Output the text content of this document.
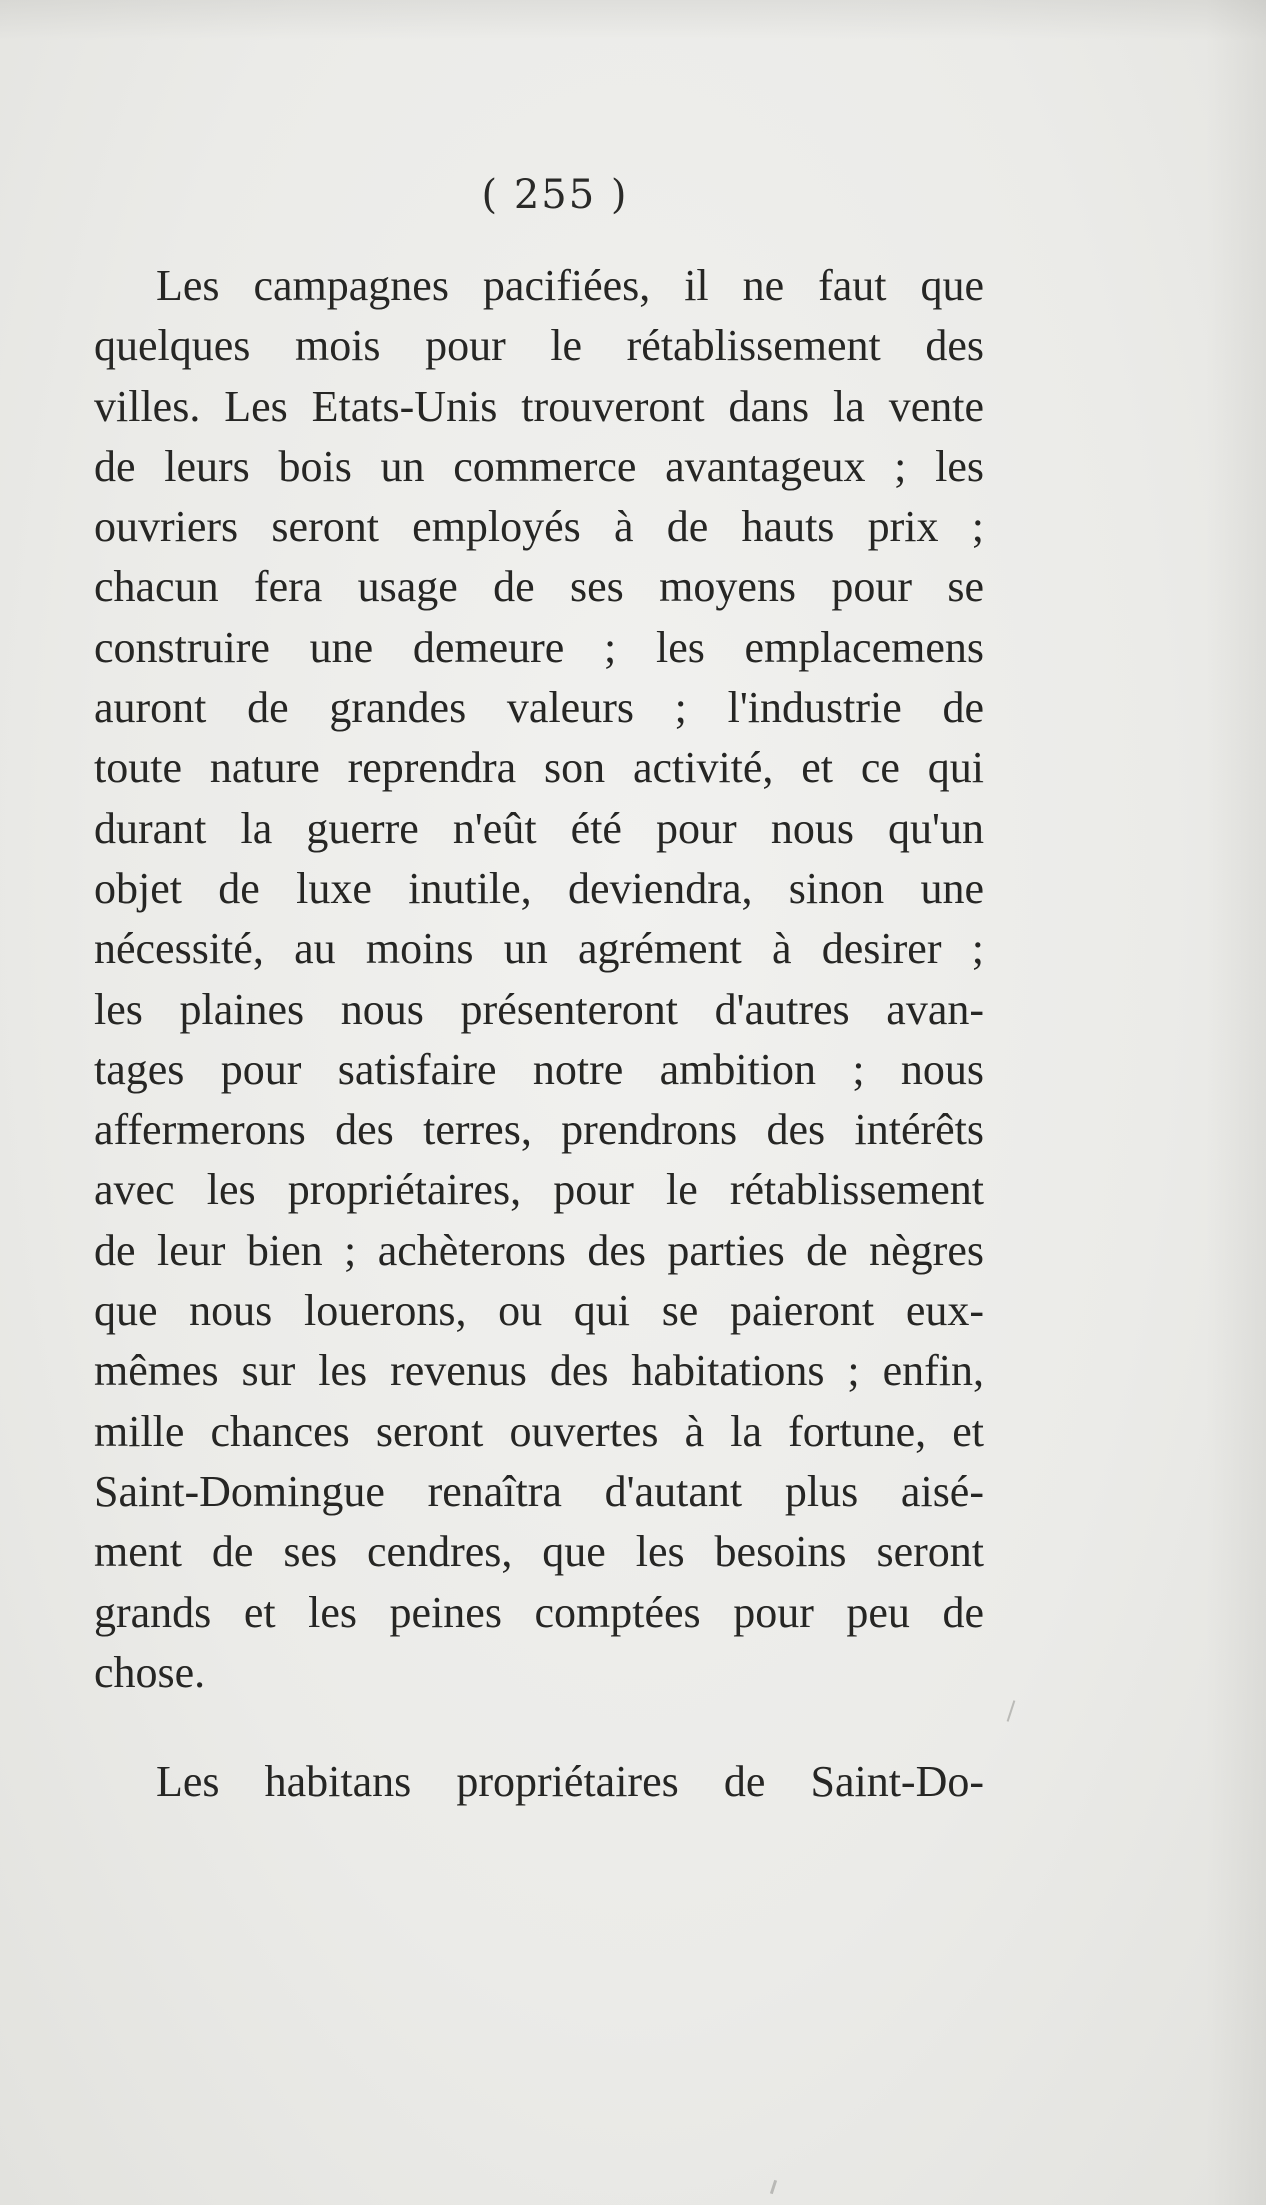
( 255 )
Les campagnes pacifiées, il ne faut que
quelques mois pour le rétablissement des
villes. Les Etats-Unis trouveront dans la vente
de leurs bois un commerce avantageux ; les
ouvriers seront employés à de hauts prix ;
chacun fera usage de ses moyens pour se
construire une demeure ; les emplacemens
auront de grandes valeurs ; l'industrie de
toute nature reprendra son activité, et ce qui
durant la guerre n'eût été pour nous qu'un
objet de luxe inutile, deviendra, sinon une
nécessité, au moins un agrément à desirer ;
les plaines nous présenteront d'autres avan-
tages pour satisfaire notre ambition ; nous
affermerons des terres, prendrons des intérêts
avec les propriétaires, pour le rétablissement
de leur bien ; achèterons des parties de nègres
que nous louerons, ou qui se paieront eux-
mêmes sur les revenus des habitations ; enfin,
mille chances seront ouvertes à la fortune, et
Saint-Domingue renaîtra d'autant plus aisé-
ment de ses cendres, que les besoins seront
grands et les peines comptées pour peu de
chose.
Les habitans propriétaires de Saint-Do-
